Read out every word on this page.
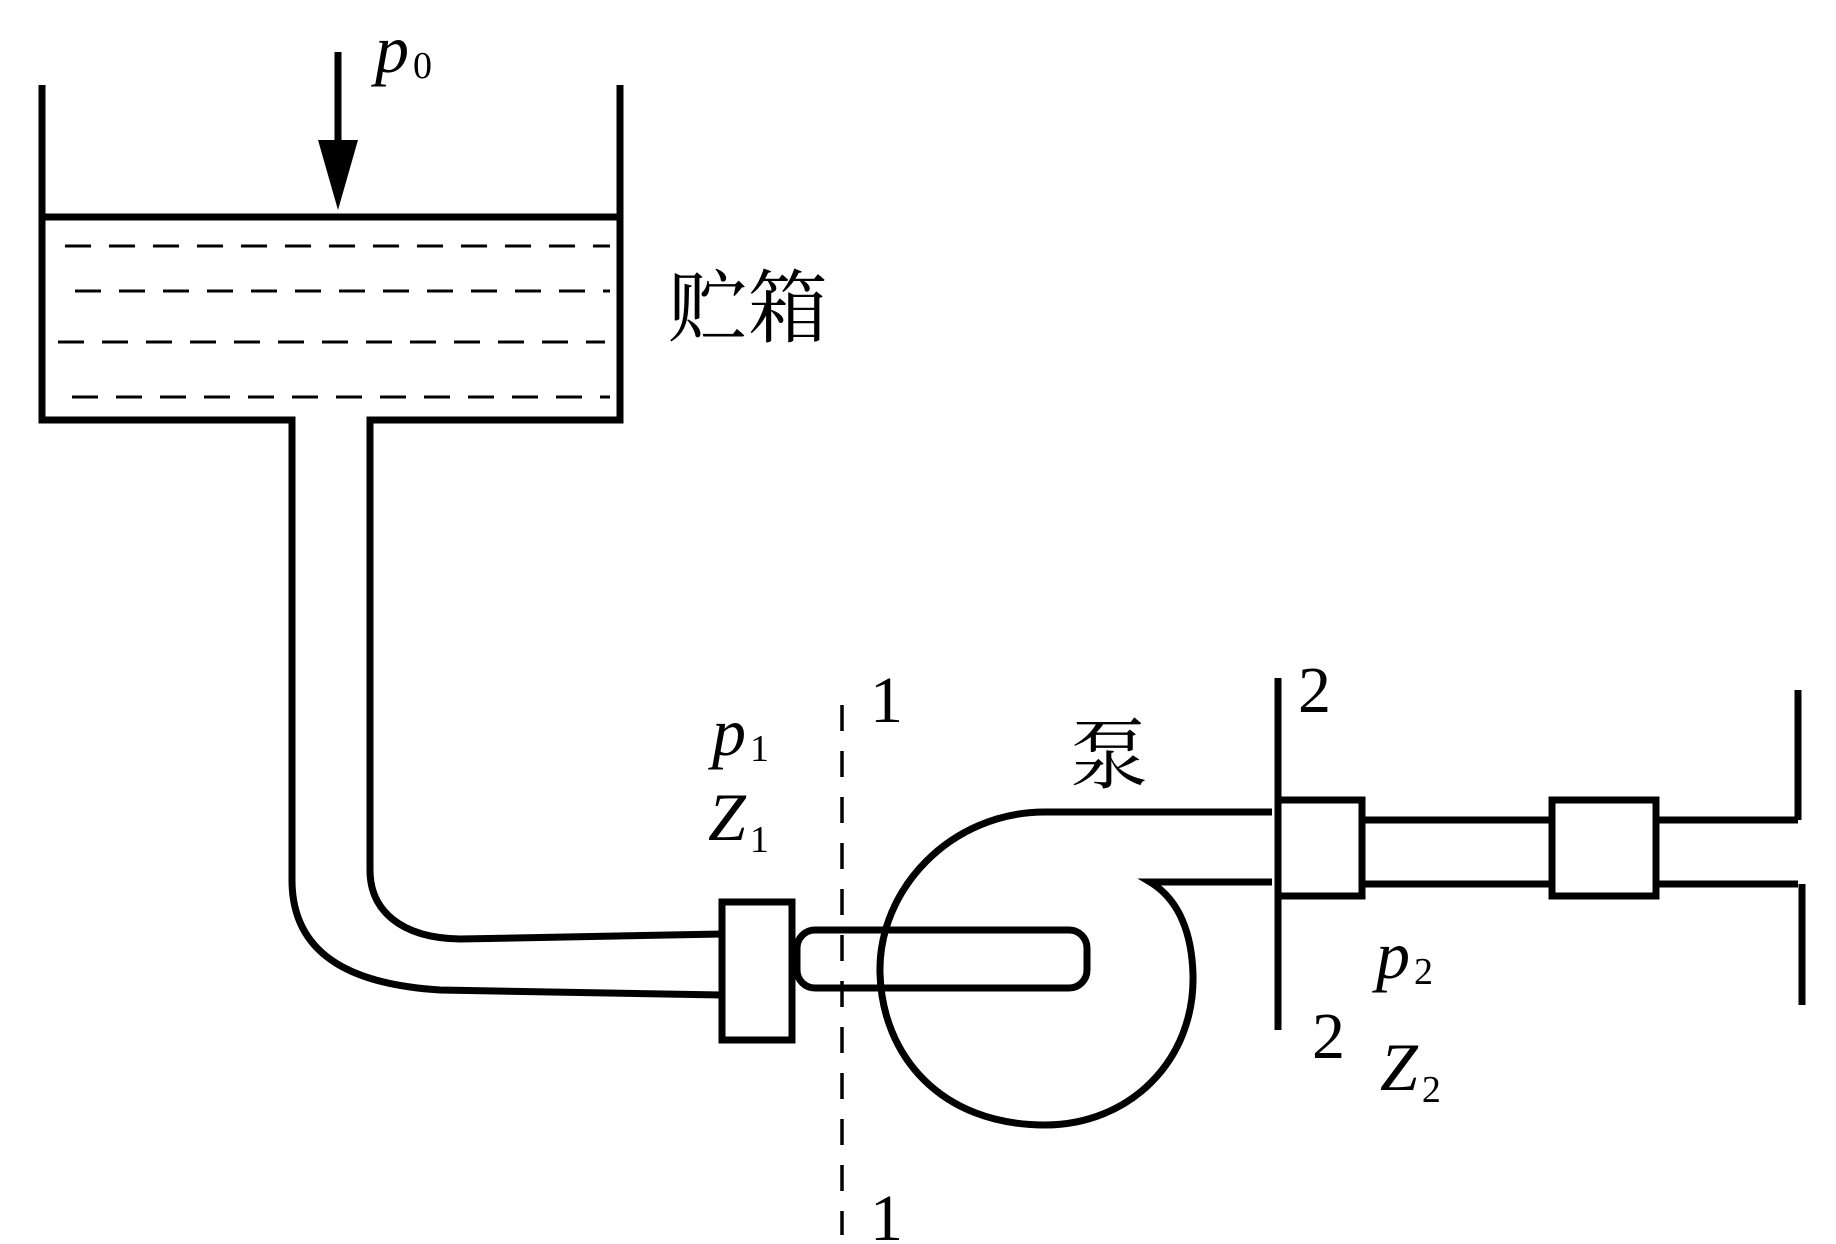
p 0
贮箱
p 1
Z 1
1
1
泵
2
2
p 2
Z 2
